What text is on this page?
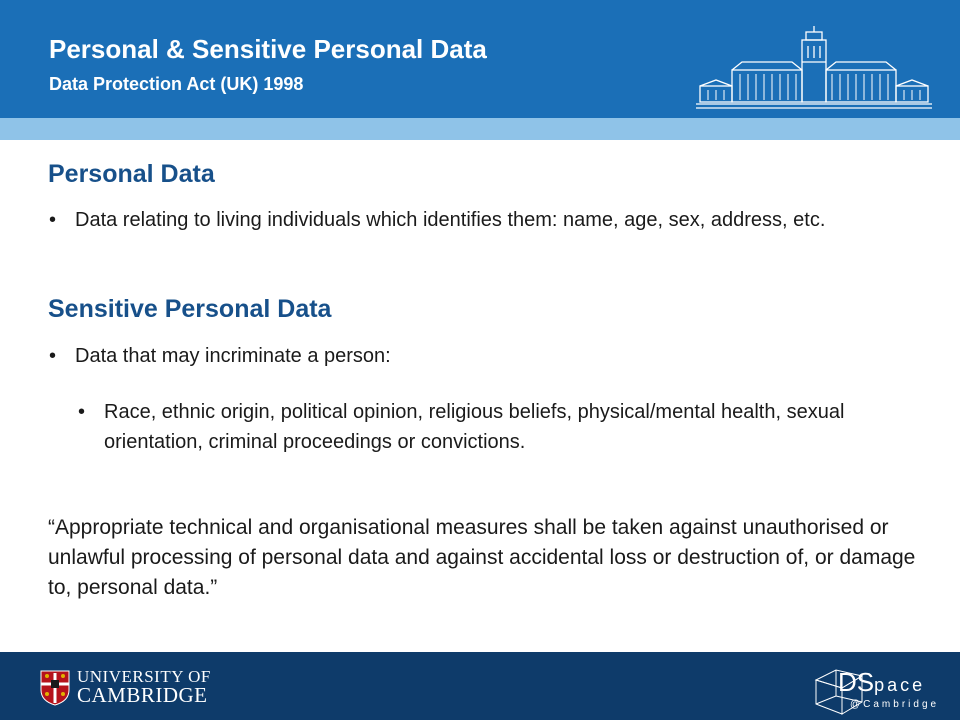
Personal & Sensitive Personal Data
Data Protection Act (UK) 1998
Personal Data

• Data relating to living individuals which identifies them: name, age, sex, address, etc.

Sensitive Personal Data

• Data that may incriminate a person:

• Race, ethnic origin, political opinion, religious beliefs, physical/mental health, sexual orientation, criminal proceedings or convictions.

“Appropriate technical and organisational measures shall be taken against unauthorised or unlawful processing of personal data and against accidental loss or destruction of, or damage to, personal data.”

UNIVERSITY OF
CAMBRIDGE	DSpace
@Cambridge
